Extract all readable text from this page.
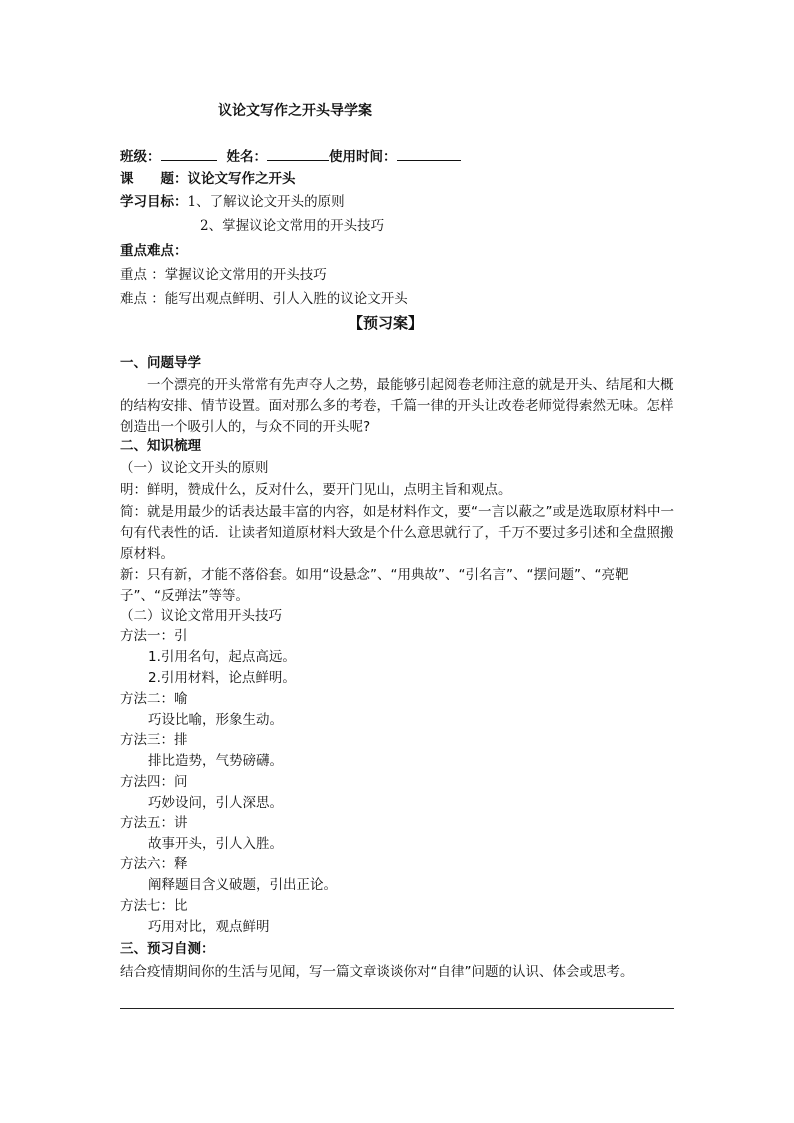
议论文写作之开头导学案
班级：	姓名：	使用时间：
课　　题：议论文写作之开头
学习目标：1、了解议论文开头的原则
2、掌握议论文常用的开头技巧
重点难点：
重点 ：掌握议论文常用的开头技巧
难点 ：能写出观点鲜明、引人入胜的议论文开头
【预习案】
一、问题导学
一个漂亮的开头常常有先声夺人之势，最能够引起阅卷老师注意的就是开头、结尾和大概的结构安排、情节设置。面对那么多的考卷，千篇一律的开头让改卷老师觉得索然无味。怎样创造出一个吸引人的，与众不同的开头呢?
二、知识梳理
（一）议论文开头的原则
明：鲜明，赞成什么，反对什么，要开门见山，点明主旨和观点。
简：就是用最少的话表达最丰富的内容，如是材料作文，要“一言以蔽之”或是选取原材料中一句有代表性的话．让读者知道原材料大致是个什么意思就行了，千万不要过多引述和全盘照搬原材料。
新：只有新，才能不落俗套。如用“设悬念”、“用典故”、“引名言”、“摆问题”、“亮靶子”、“反弹法”等等。
（二）议论文常用开头技巧
方法一：引
1.引用名句，起点高远。
2.引用材料，论点鲜明。
方法二：喻
巧设比喻，形象生动。
方法三：排
排比造势，气势磅礴。
方法四：问
巧妙设问，引人深思。
方法五：讲
故事开头，引人入胜。
方法六：释
阐释题目含义破题，引出正论。
方法七：比
巧用对比，观点鲜明
三、预习自测：
结合疫情期间你的生活与见闻，写一篇文章谈谈你对“自律”问题的认识、体会或思考。
